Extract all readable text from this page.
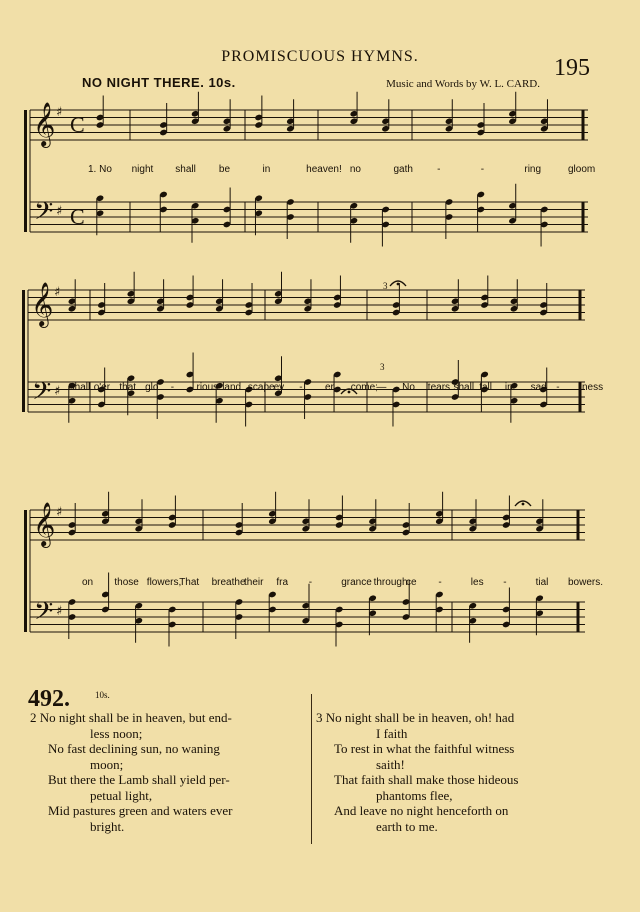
PROMISCUOUS HYMNS.	195
NO NIGHT THERE. 10s.	Music and Words by W. L. CARD.
𝄞
𝄢
♯
♯
C
C
𝄞
𝄢
♯
♯
𝄞
𝄢
♯
♯
3
3
1. No night shall be	in	heaven! no	gath -	-	ring	gloom
Shall o'er that glo - rious land scape ev - er come;
— No tears shall fall in sad - ness
on those flowers,
That breathe
their fra -	grance through
ce -	les -	tial bowers.
492.	10s.
2 No night shall be in heaven, but end-
less noon;
No fast declining sun, no waning
moon;
But there the Lamb shall yield per-
petual light,
Mid pastures green and waters ever
bright.
3 No night shall be in heaven, oh! had
I faith
To rest in what the faithful witness
saith!
That faith shall make those hideous
phantoms flee,
And leave no night henceforth on
earth to me.
